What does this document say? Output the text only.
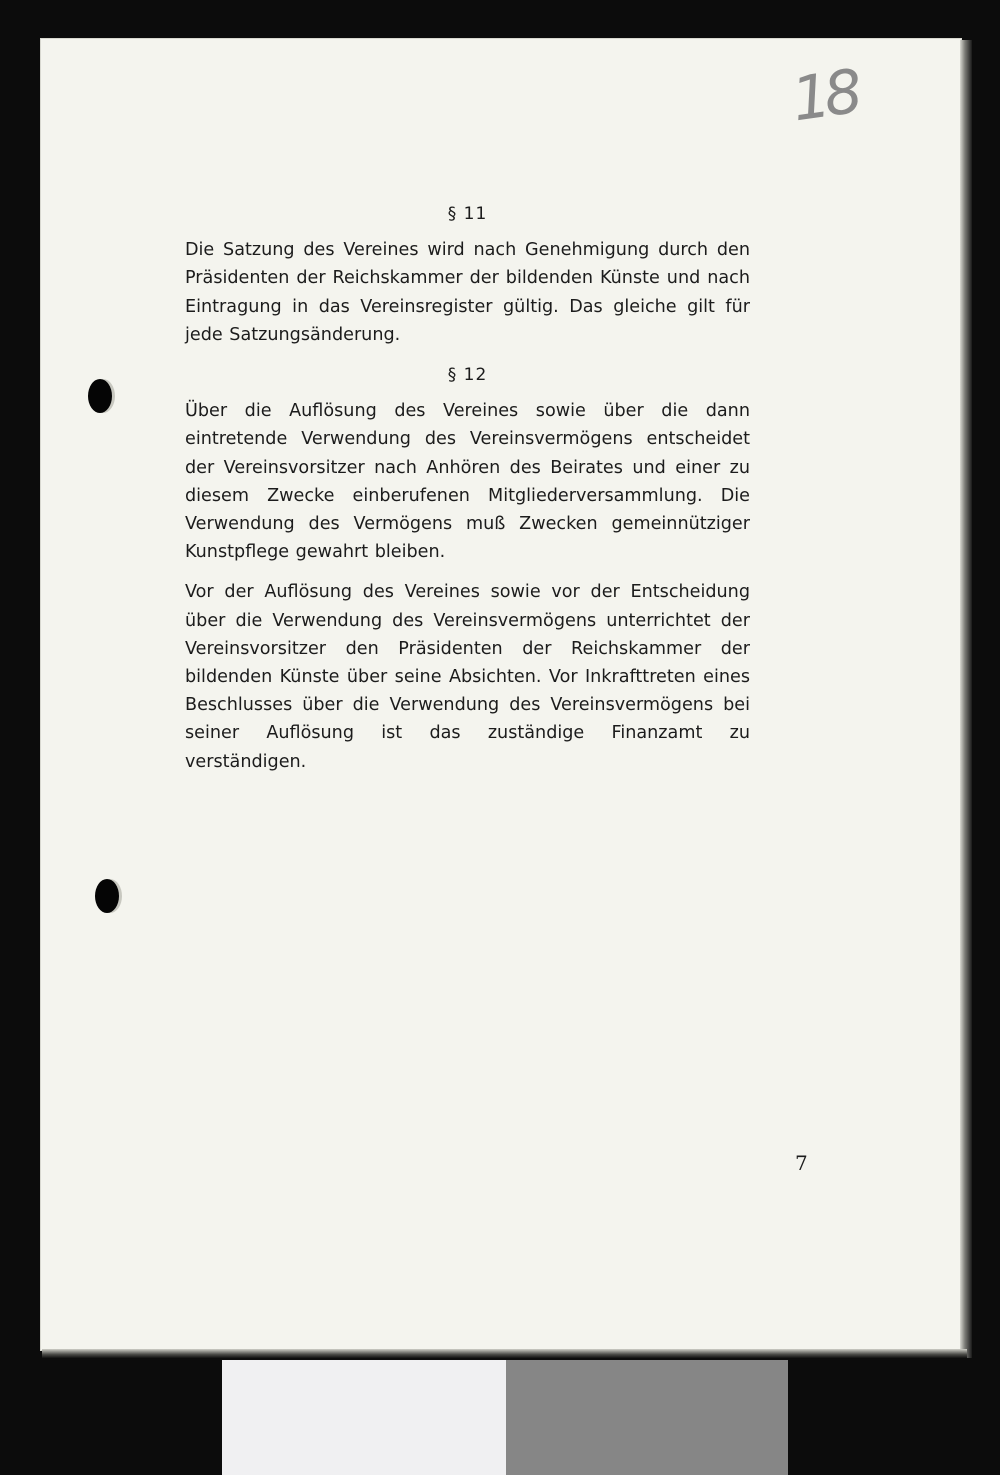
18
§ 11

Die Satzung des Vereines wird nach Genehmigung durch den Präsidenten der Reichskammer der bildenden Künste und nach Eintragung in das Vereinsregister gültig. Das gleiche gilt für jede Satzungsänderung.

§ 12

Über die Auflösung des Vereines sowie über die dann eintretende Verwendung des Vereinsvermögens entscheidet der Vereinsvorsitzer nach Anhören des Beirates und einer zu diesem Zwecke einberufenen Mitgliederversammlung. Die Verwendung des Vermögens muß Zwecken gemeinnütziger Kunstpflege gewahrt bleiben.

Vor der Auflösung des Vereines sowie vor der Entscheidung über die Verwendung des Vereinsvermögens unterrichtet der Vereinsvorsitzer den Präsidenten der Reichskammer der bildenden Künste über seine Absichten. Vor Inkrafttreten eines Beschlusses über die Verwendung des Vereinsvermögens bei seiner Auflösung ist das zuständige Finanzamt zu verständigen.

7
